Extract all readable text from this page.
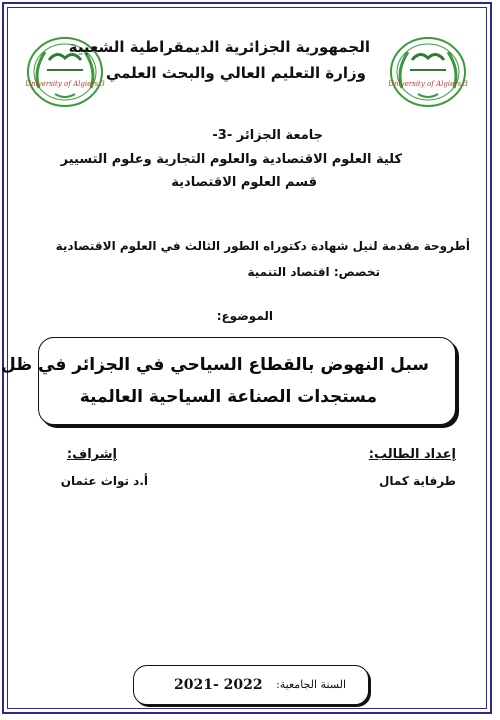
University of Algiers 3	University of Algiers 3
الجمهورية الجزائرية الديمقراطية الشعبية
وزارة التعليم العالي والبحث العلمي
جامعة الجزائر -3-
كلية العلوم الاقتصادية والعلوم التجارية وعلوم التسيير
قسم العلوم الاقتصادية
أطروحة مقدمة لنيل شهادة دكتوراه الطور الثالث في العلوم الاقتصادية
تخصص: اقتصاد التنمية
الموضوع:
سبل النهوض بالقطاع السياحي في الجزائر في ظل
مستجدات الصناعة السياحية العالمية
إعداد الطالب:
طرفاية كمال
إشراف:
أ.د تواث عثمان
السنة الجامعية:
2021- 2022
